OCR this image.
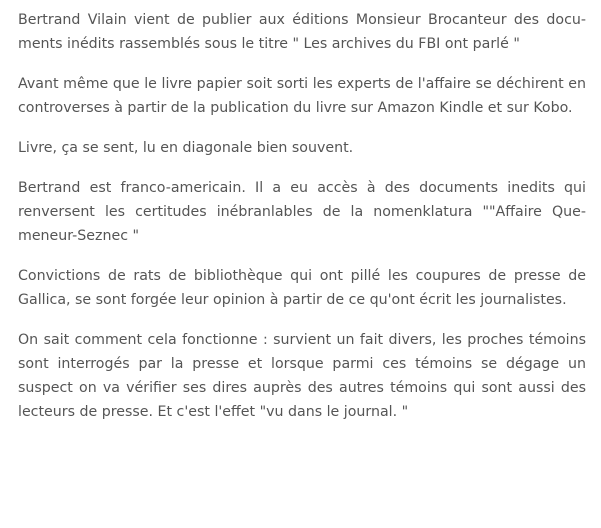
Bertrand Vilain vient de publier aux éditions Monsieur Brocanteur des documents inédits rassemblés sous le titre " Les archives du FBI ont parlé "

Avant même que le livre papier soit sorti les experts de l'affaire se déchirent en controverses à partir de la publication du livre sur Amazon Kindle et sur Kobo.

Livre, ça se sent, lu en diagonale bien souvent.

Bertrand est franco-americain. Il a eu accès à des documents inedits qui renversent les certitudes inébranlables de la nomenklatura ""Affaire Quemeneur-Seznec "

Convictions de rats de bibliothèque qui ont pillé les coupures de presse de Gallica, se sont forgée leur opinion à partir de ce qu'ont écrit les journalistes.

On sait comment cela fonctionne : survient un fait divers, les proches témoins sont interrogés par la presse et lorsque parmi ces témoins se dégage un suspect on va vérifier ses dires auprès des autres témoins qui sont aussi des lecteurs de presse. Et c'est l'effet "vu dans le journal. "
